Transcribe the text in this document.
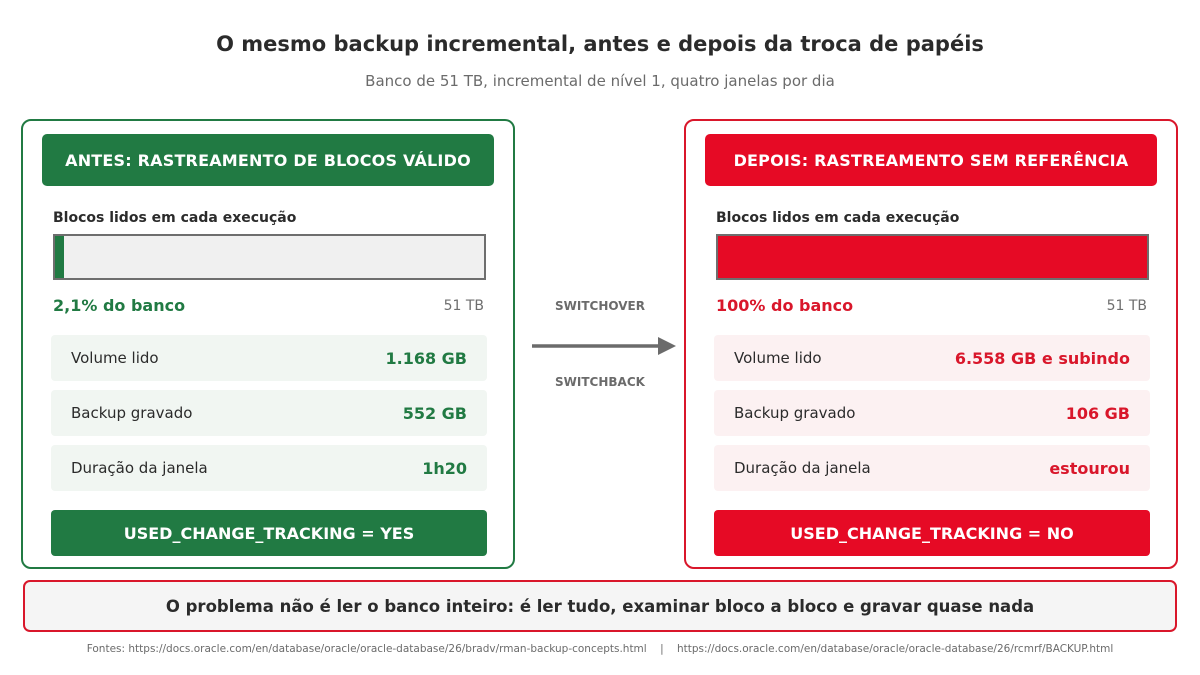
O mesmo backup incremental, antes e depois da troca de papéis
Banco de 51 TB, incremental de nível 1, quatro janelas por dia
ANTES: RASTREAMENTO DE BLOCOS VÁLIDO
Blocos lidos em cada execução
2,1% do banco	51 TB
Volume lido	1.168 GB
Backup gravado	552 GB
Duração da janela	1h20
USED_CHANGE_TRACKING = YES
SWITCHOVER
SWITCHBACK
DEPOIS: RASTREAMENTO SEM REFERÊNCIA
Blocos lidos em cada execução
100% do banco	51 TB
Volume lido	6.558 GB e subindo
Backup gravado	106 GB
Duração da janela	estourou
USED_CHANGE_TRACKING = NO
O problema não é ler o banco inteiro: é ler tudo, examinar bloco a bloco e gravar quase nada
Fontes: https://docs.oracle.com/en/database/oracle/oracle-database/26/bradv/rman-backup-concepts.html | https://docs.oracle.com/en/database/oracle/oracle-database/26/rcmrf/BACKUP.html
